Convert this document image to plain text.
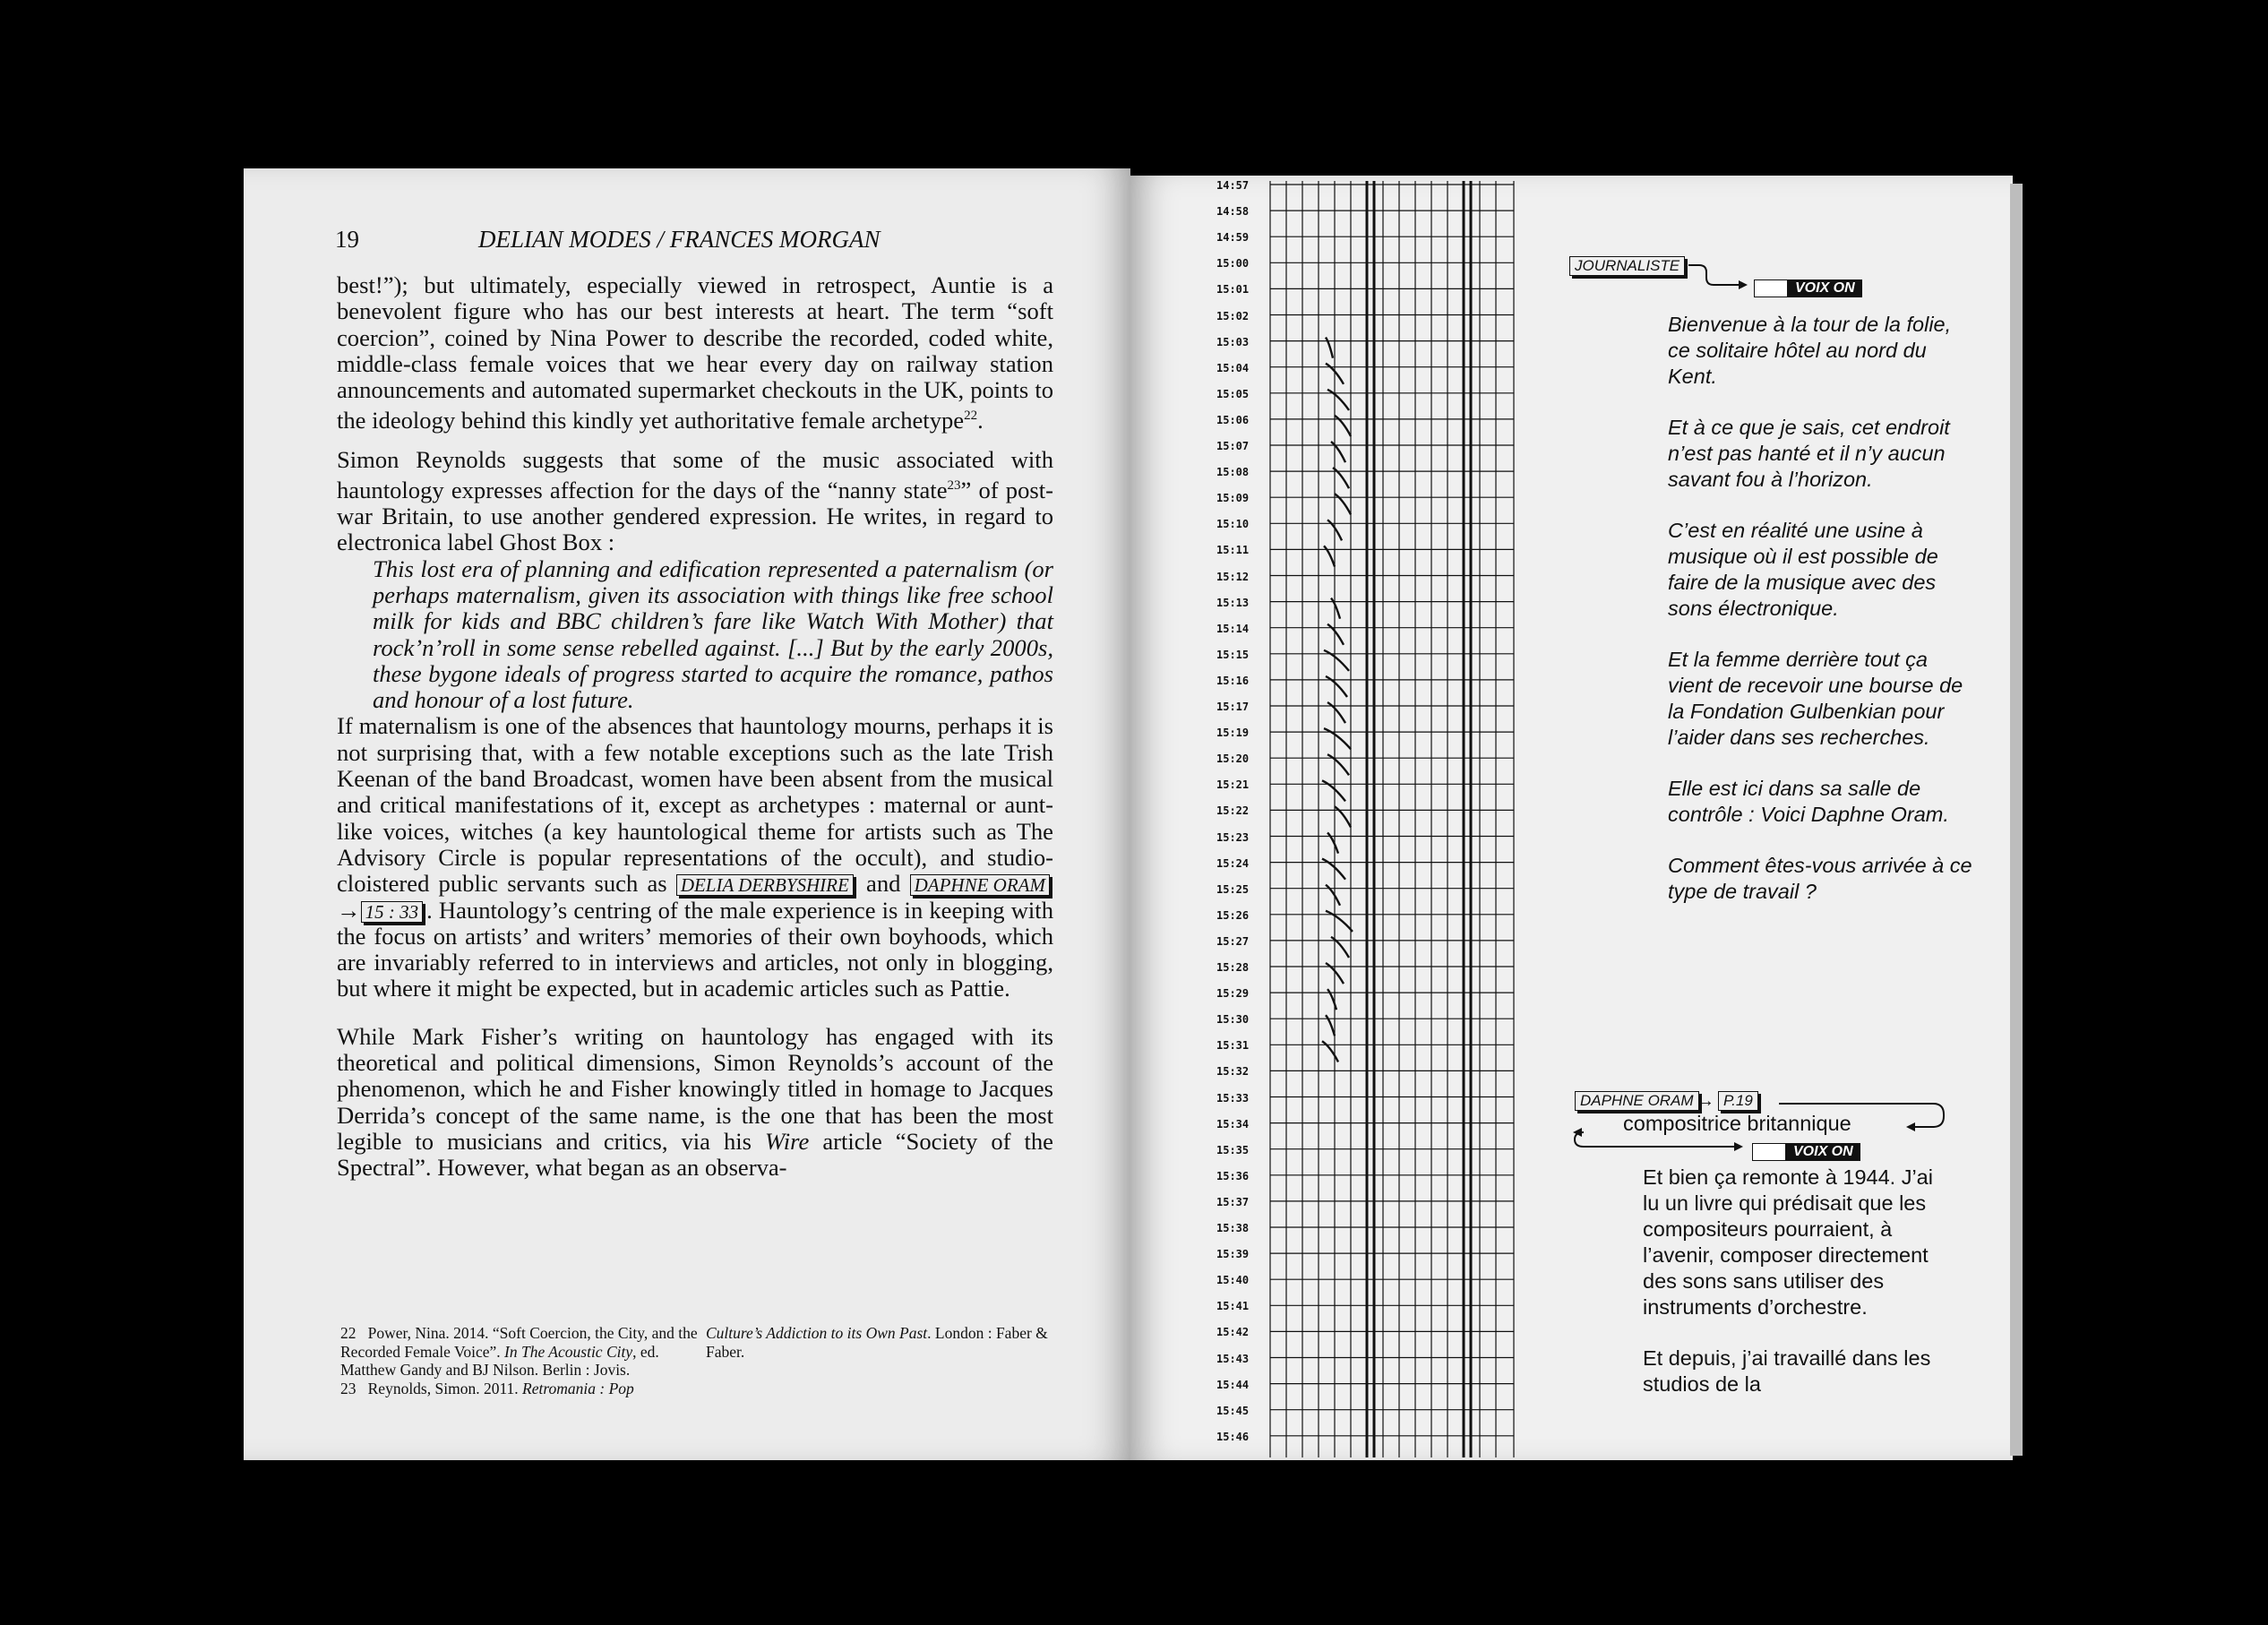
19	DELIAN MODES / FRANCES MORGAN

best!”); but ultimately, especially viewed in retrospect, Auntie is a benevolent figure who has our best interests at heart. The term “soft coercion”, coined by Nina Power to describe the recorded, coded white, middle-class female voices that we hear every day on railway station announcements and automated supermarket checkouts in the UK, points to the ideology behind this kindly yet authoritative female archetype$^{22}$.

Simon Reynolds suggests that some of the music associated with hauntology expresses affection for the days of the “nanny state$^{23}$” of post-war Britain, to use another gendered expression. He writes, in regard to electronica label Ghost Box :

This lost era of planning and edification represented a paternalism (or perhaps maternalism, given its association with things like free school milk for kids and BBC children’s fare like Watch With Mother) that rock’n’roll in some sense rebelled against. [...] But by the early 2000s, these bygone ideals of progress started to acquire the romance, pathos and honour of a lost future.

If maternalism is one of the absences that hauntology mourns, perhaps it is not surprising that, with a few notable exceptions such as the late Trish Keenan of the band Broadcast, women have been absent from the musical and critical manifestations of it, except as archetypes : maternal or aunt-like voices, witches (a key hauntological theme for artists such as The Advisory Circle is popular representations of the occult), and studio-cloistered public servants such as DELIA DERBYSHIRE and DAPHNE ORAM→ 15 : 33 . Hauntology’s centring of the male experience is in keeping with the focus on artists’ and writers’ memories of their own boyhoods, which are invariably referred to in interviews and articles, not only in blogging, but where it might be expected, but in academic articles such as Pattie.

While Mark Fisher’s writing on hauntology has engaged with its theoretical and political dimensions, Simon Reynolds’s account of the phenomenon, which he and Fisher knowingly titled in homage to Jacques Derrida’s concept of the same name, is the one that has been the most legible to musicians and critics, via his Wire article “Society of the Spectral”. However, what began as an observa-

22 Power, Nina. 2014. “Soft Coercion, the City, and the Recorded Female Voice”. In The Acoustic City, ed. Matthew Gandy and BJ Nilson. Berlin : Jovis.
23 Reynolds, Simon. 2011. Retromania : Pop
Culture’s Addiction to its Own Past. London : Faber & Faber.
14:57
14:58
14:59
15:00
15:01
15:02
15:03
15:04
15:05
15:06
15:07
15:08
15:09
15:10
15:11
15:12
15:13
15:14
15:15
15:16
15:17
15:19
15:20
15:21
15:22
15:23
15:24
15:25
15:26
15:27
15:28
15:29
15:30
15:31
15:32
15:33
15:34
15:35
15:36
15:37
15:38
15:39
15:40
15:41
15:42
15:43
15:44
15:45
15:46
JOURNALISTE
VOIX ON

Bienvenue à la tour de la folie, ce solitaire hôtel au nord du Kent.

Et à ce que je sais, cet endroit n’est pas hanté et il n’y aucun savant fou à l’horizon.

C’est en réalité une usine à musique où il est possible de faire de la musique avec des sons électronique.

Et la femme derrière tout ça vient de recevoir une bourse de la Fondation Gulbenkian pour l’aider dans ses recherches.

Elle est ici dans sa salle de contrôle : Voici Daphne Oram.

Comment êtes-vous arrivée à ce type de travail ?

DAPHNE ORAM → P.19
compositrice britannique
VOIX ON

Et bien ça remonte à 1944. J’ai lu un livre qui prédisait que les compositeurs pourraient, à l’avenir, composer directement des sons sans utiliser des instruments d’orchestre.

Et depuis, j’ai travaillé dans les studios de la
